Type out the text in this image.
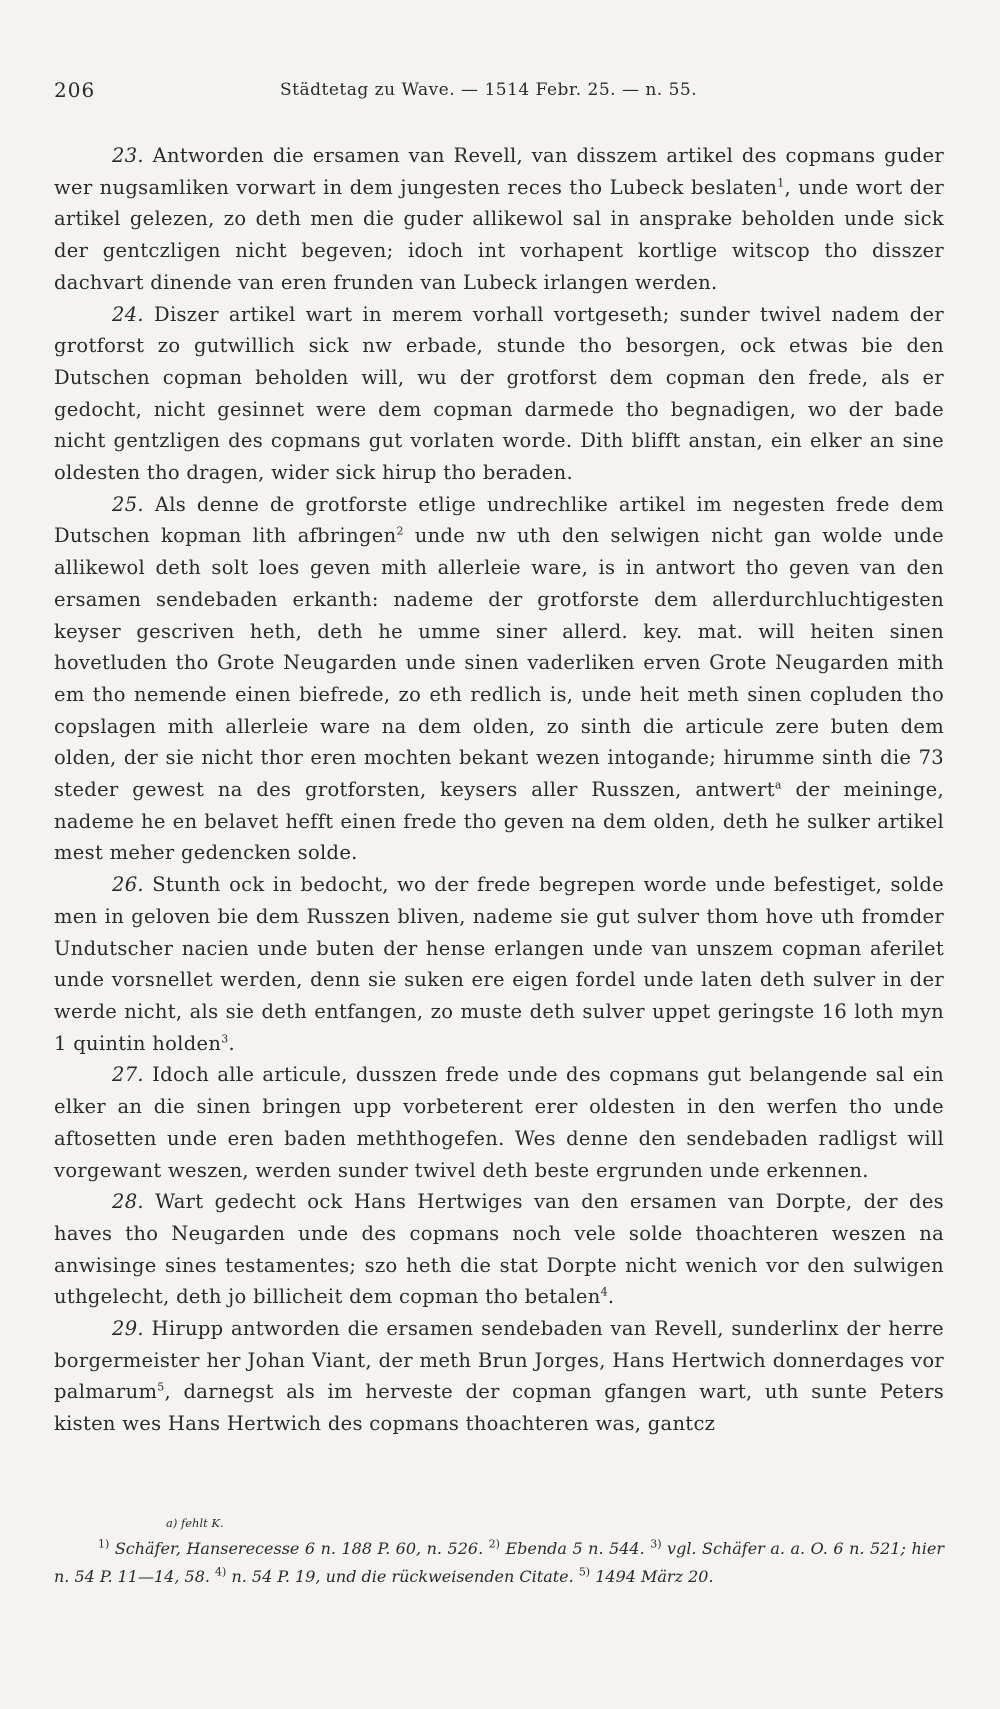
206	Städtetag zu Wave. — 1514 Febr. 25. — n. 55.

23. Antworden die ersamen van Revell, van disszem artikel des copmans guder wer nugsamliken vorwart in dem jungesten reces tho Lubeck beslaten$^1$, unde wort der artikel gelezen, zo deth men die guder allikewol sal in ansprake beholden unde sick der gentczligen nicht begeven; idoch int vorhapent kortlige witscop tho disszer dachvart dinende van eren frunden van Lubeck irlangen werden.

24. Diszer artikel wart in merem vorhall vortgeseth; sunder twivel nadem der grotforst zo gutwillich sick nw erbade, stunde tho besorgen, ock etwas bie den Dutschen copman beholden will, wu der grotforst dem copman den frede, als er gedocht, nicht gesinnet were dem copman darmede tho begnadigen, wo der bade nicht gentzligen des copmans gut vorlaten worde. Dith blifft anstan, ein elker an sine oldesten tho dragen, wider sick hirup tho beraden.

25. Als denne de grotforste etlige undrechlike artikel im negesten frede dem Dutschen kopman lith afbringen$^2$ unde nw uth den selwigen nicht gan wolde unde allikewol deth solt loes geven mith allerleie ware, is in antwort tho geven van den ersamen sendebaden erkanth: nademe der grotforste dem allerdurchluchtigesten keyser gescriven heth, deth he umme siner allerd. key. mat. will heiten sinen hovetluden tho Grote Neugarden unde sinen vaderliken erven Grote Neugarden mith em tho nemende einen biefrede, zo eth redlich is, unde heit meth sinen copluden tho copslagen mith allerleie ware na dem olden, zo sinth die articule zere buten dem olden, der sie nicht thor eren mochten bekant wezen intogande; hirumme sinth die 73 steder gewest na des grotforsten, keysers aller Russzen, antwert$^a$ der meininge, nademe he en belavet hefft einen frede tho geven na dem olden, deth he sulker artikel mest meher gedencken solde.

26. Stunth ock in bedocht, wo der frede begrepen worde unde befestiget, solde men in geloven bie dem Russzen bliven, nademe sie gut sulver thom hove uth fromder Undutscher nacien unde buten der hense erlangen unde van unszem copman aferilet unde vorsnellet werden, denn sie suken ere eigen fordel unde laten deth sulver in der werde nicht, als sie deth entfangen, zo muste deth sulver uppet geringste 16 loth myn 1 quintin holden$^3$.

27. Idoch alle articule, dusszen frede unde des copmans gut belangende sal ein elker an die sinen bringen upp vorbeterent erer oldesten in den werfen tho unde aftosetten unde eren baden meththogefen. Wes denne den sendebaden radligst will vorgewant weszen, werden sunder twivel deth beste ergrunden unde erkennen.

28. Wart gedecht ock Hans Hertwiges van den ersamen van Dorpte, der des haves tho Neugarden unde des copmans noch vele solde thoachteren weszen na anwisinge sines testamentes; szo heth die stat Dorpte nicht wenich vor den sulwigen uthgelecht, deth jo billicheit dem copman tho betalen$^4$.

29. Hirupp antworden die ersamen sendebaden van Revell, sunderlinx der herre borgermeister her Johan Viant, der meth Brun Jorges, Hans Hertwich donnerdages vor palmarum$^5$, darnegst als im herveste der copman gfangen wart, uth sunte Peters kisten wes Hans Hertwich des copmans thoachteren was, gantcz

a) fehlt K.

$^{1)}$ Schäfer, Hanserecesse 6 n. 188 P. 60, n. 526. $^{2)}$ Ebenda 5 n. 544. $^{3)}$ vgl. Schäfer a. a. O. 6 n. 521; hier n. 54 P. 11—14, 58. $^{4)}$ n. 54 P. 19, und die rückweisenden Citate. $^{5)}$ 1494 März 20.
